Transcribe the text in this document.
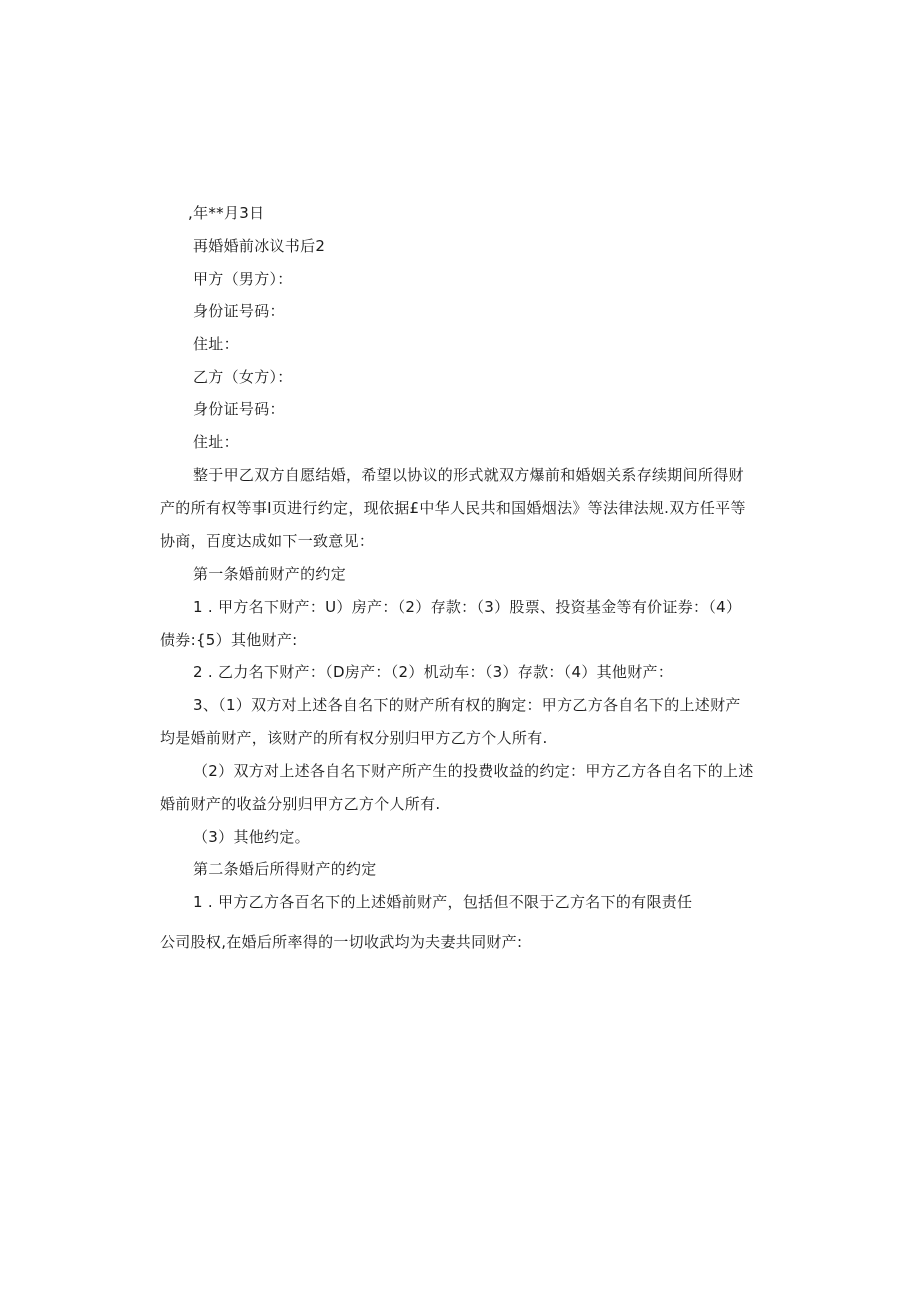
,年**月3日
再婚婚前冰议书后2
甲方（男方）：
身份证号码：
住址：
乙方（女方）：
身份证号码：
住址：
整于甲乙双方自愿结婚，希望以协议的形式就双方爆前和婚姻关系存续期间所得财
产的所有权等事I页进行约定，现依据£中华人民共和国婚烟法》等法律法规.双方任平等
协商，百度达成如下一致意见：
第一条婚前财产的约定
1 . 甲方名下财产：U）房产：（2）存款：（3）股票、投资基金等有价证券：（4）
债券:{5）其他财产:
2 . 乙力名下财产：（D房产：（2）机动车：（3）存款：（4）其他财产：
3、（1）双方对上述各自名下的财产所有权的胸定：甲方乙方各自名下的上述财产
均是婚前财产，该财产的所有权分别归甲方乙方个人所有.
（2）双方对上述各自名下财产所产生的投费收益的约定：甲方乙方各自名下的上述
婚前财产的收益分别归甲方乙方个人所有.
（3）其他约定。
第二条婚后所得财产的约定
1 . 甲方乙方各百名下的上述婚前财产，包括但不限于乙方名下的有限责任
公司股权,在婚后所率得的一切收武均为夫妻共同财产:
